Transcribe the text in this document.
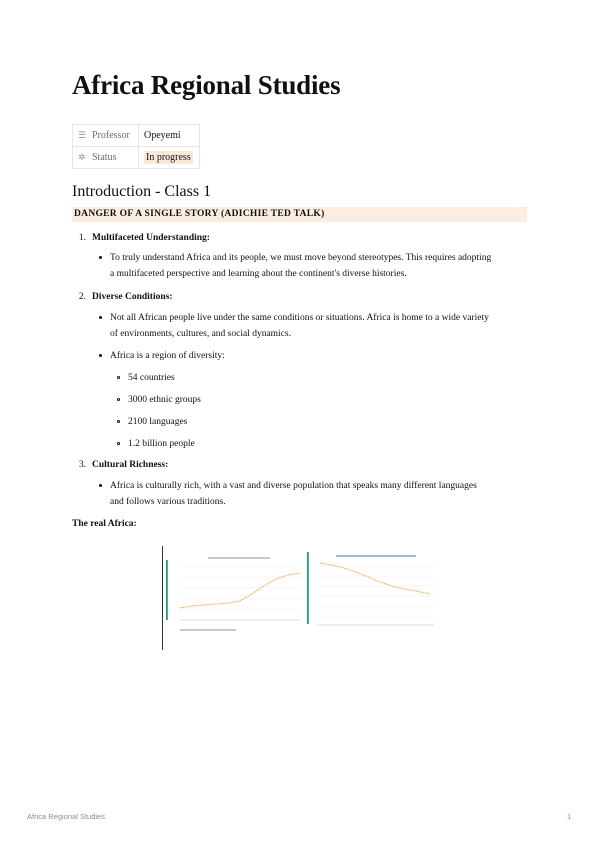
Africa Regional Studies
☰ Professor	Opeyemi
✲ Status	In progress
Introduction - Class 1
DANGER OF A SINGLE STORY (ADICHIE TED TALK)
1. Multifaceted Understanding:
To truly understand Africa and its people, we must move beyond stereotypes. This requires adopting
a multifaceted perspective and learning about the continent's diverse histories.
2. Diverse Conditions:
Not all African people live under the same conditions or situations. Africa is home to a wide variety
of environments, cultures, and social dynamics.
Africa is a region of diversity:
54 countries
3000 ethnic groups
2100 languages
1.2 billion people
3. Cultural Richness:
Africa is culturally rich, with a vast and diverse population that speaks many different languages
and follows various traditions.
The real Africa:
Africa Regional Studies	1
